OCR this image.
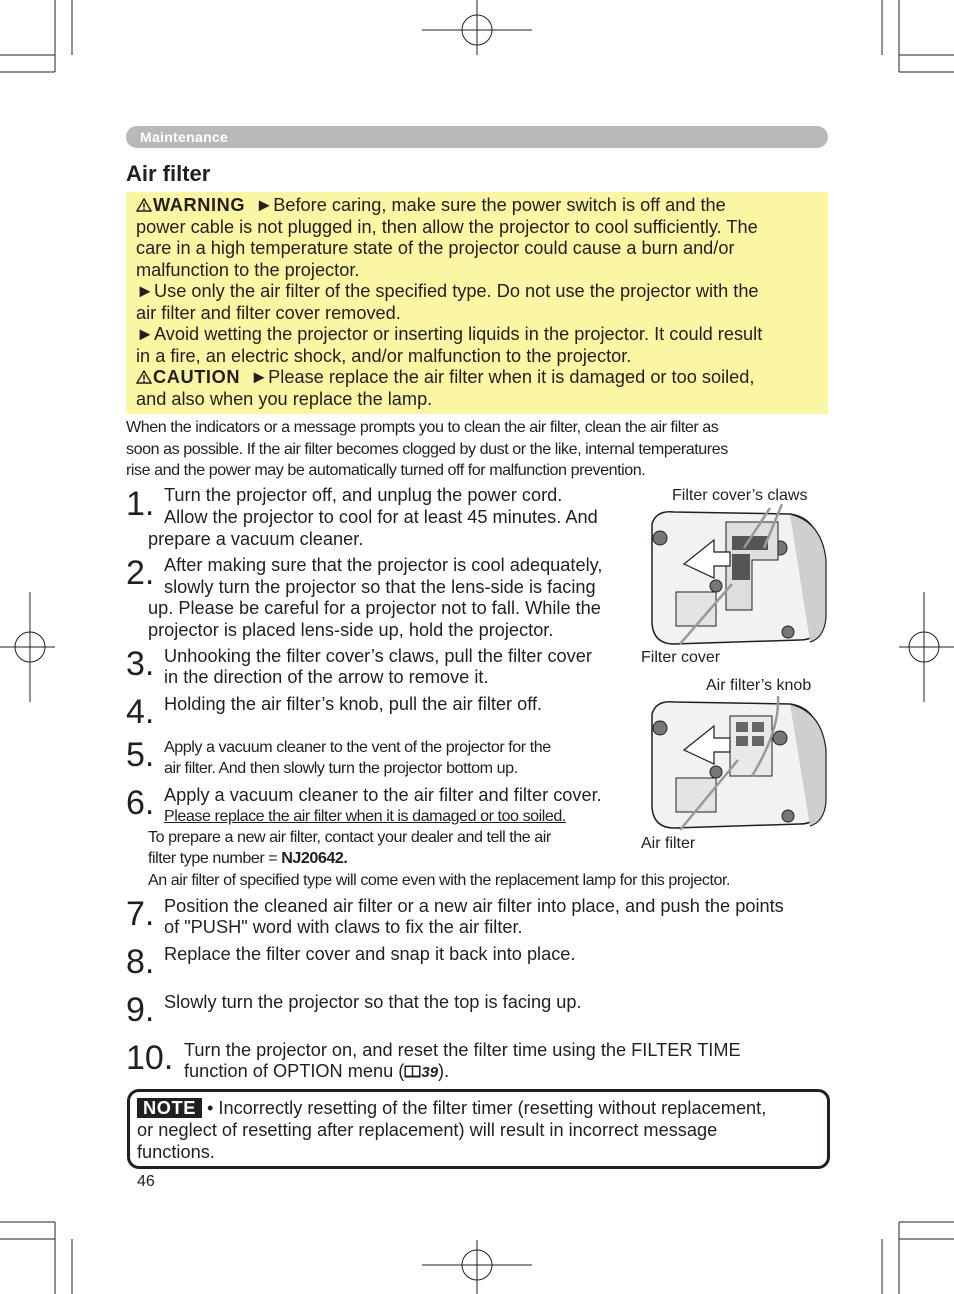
Maintenance
Air filter
WARNING ►Before caring, make sure the power switch is off and the
power cable is not plugged in, then allow the projector to cool sufficiently. The
care in a high temperature state of the projector could cause a burn and/or
malfunction to the projector.
►Use only the air filter of the specified type. Do not use the projector with the
air filter and filter cover removed.
►Avoid wetting the projector or inserting liquids in the projector. It could result
in a fire, an electric shock, and/or malfunction to the projector.
CAUTION ►Please replace the air filter when it is damaged or too soiled,
and also when you replace the lamp.
When the indicators or a message prompts you to clean the air filter, clean the air filter as
soon as possible. If the air filter becomes clogged by dust or the like, internal temperatures
rise and the power may be automatically turned off for malfunction prevention.
1. Turn the projector off, and unplug the power cord.
Allow the projector to cool for at least 45 minutes. And
prepare a vacuum cleaner.
2. After making sure that the projector is cool adequately,
slowly turn the projector so that the lens-side is facing
up. Please be careful for a projector not to fall. While the
projector is placed lens-side up, hold the projector.
3. Unhooking the filter cover’s claws, pull the filter cover
in the direction of the arrow to remove it.
4. Holding the air filter’s knob, pull the air filter off.
5. Apply a vacuum cleaner to the vent of the projector for the
air filter. And then slowly turn the projector bottom up.
6. Apply a vacuum cleaner to the air filter and filter cover.
Please replace the air filter when it is damaged or too soiled.
To prepare a new air filter, contact your dealer and tell the air
filter type number = NJ20642.
An air filter of specified type will come even with the replacement lamp for this projector.
7. Position the cleaned air filter or a new air filter into place, and push the points
of "PUSH" word with claws to fix the air filter.
8. Replace the filter cover and snap it back into place.
9. Slowly turn the projector so that the top is facing up.
10. Turn the projector on, and reset the filter time using the FILTER TIME
function of OPTION menu ( 39).
Filter cover’s claws
Filter cover
Air filter’s knob
Air filter
NOTE • Incorrectly resetting of the filter timer (resetting without replacement,
or neglect of resetting after replacement) will result in incorrect message
functions.
46
